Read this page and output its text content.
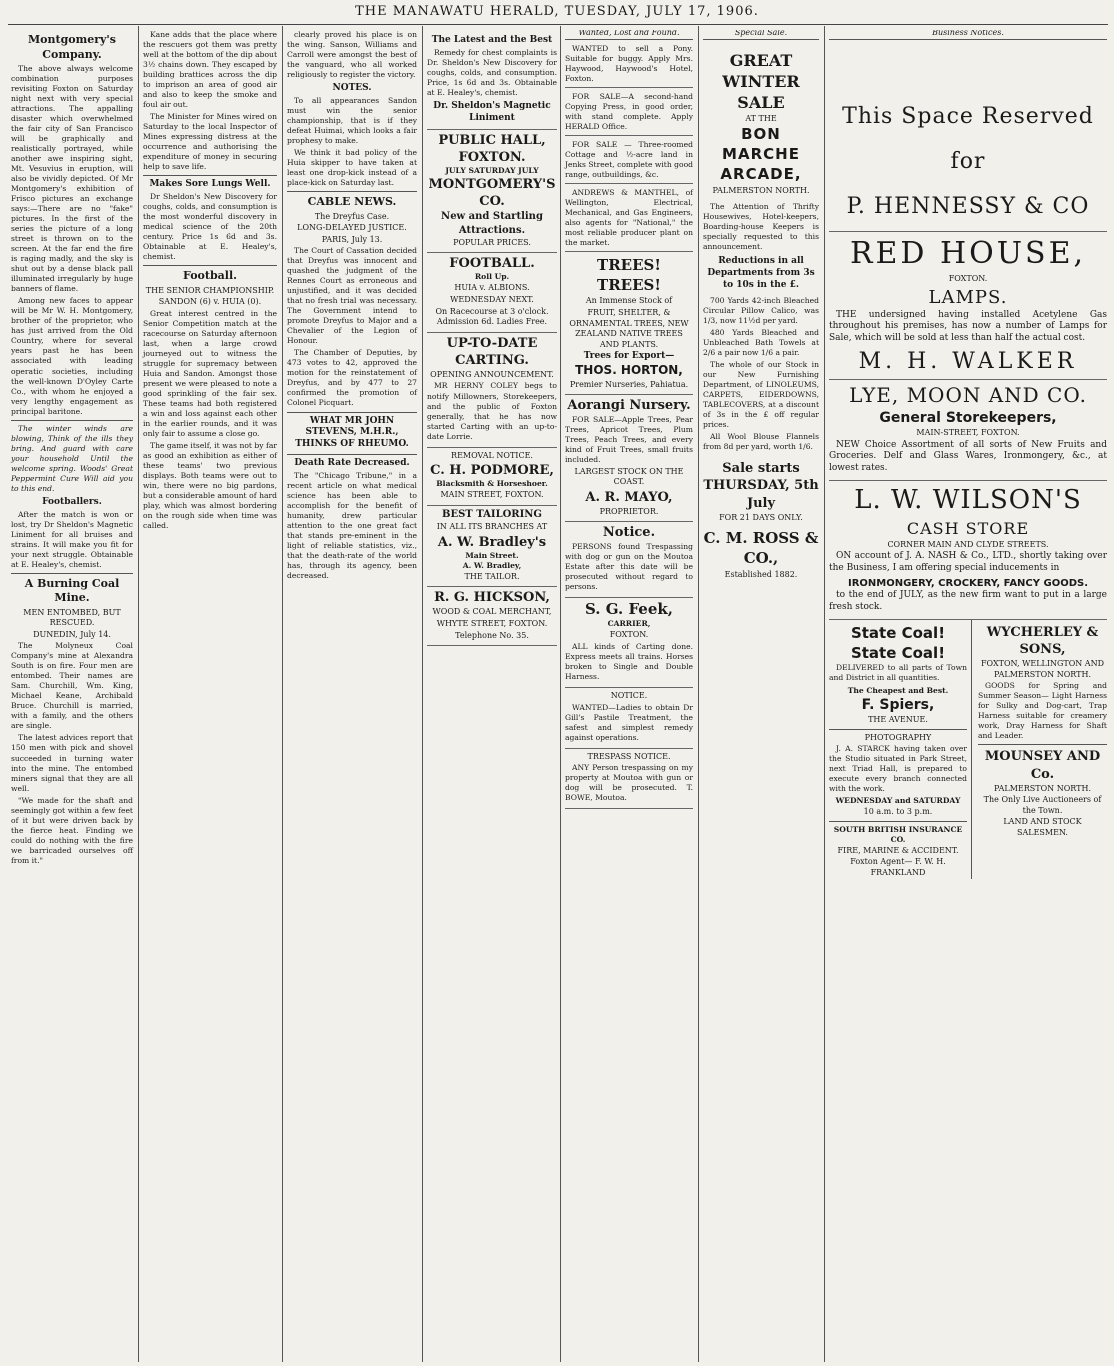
THE MANAWATU HERALD, TUESDAY, JULY 17, 1906.
Montgomery's Company.

The above always welcome combination purposes revisiting Foxton on Saturday night next with very special attractions. The appalling disaster which overwhelmed the fair city of San Francisco will be graphically and realistically portrayed, while another awe inspiring sight, Mt. Vesuvius in eruption, will also be vividly depicted. Of Mr Montgomery's exhibition of Frisco pictures an exchange says:—There are no "fake" pictures. In the first of the series the picture of a long street is thrown on to the screen. At the far end the fire is raging madly, and the sky is shut out by a dense black pall illuminated irregularly by huge banners of flame.

Among new faces to appear will be Mr W. H. Montgomery, brother of the proprietor, who has just arrived from the Old Country, where for several years past he has been associated with leading operatic societies, including the well-known D'Oyley Carte Co., with whom he enjoyed a very lengthy engagement as principal baritone.

The winter winds are blowing, Think of the ills they bring. And guard with care your household Until the welcome spring. Woods' Great Peppermint Cure Will aid you to this end.

Footballers.

After the match is won or lost, try Dr Sheldon's Magnetic Liniment for all bruises and strains. It will make you fit for your next struggle. Obtainable at E. Healey's, chemist.

A Burning Coal Mine.
MEN ENTOMBED, BUT RESCUED.
DUNEDIN, July 14.

The Molyneux Coal Company's mine at Alexandra South is on fire. Four men are entombed. Their names are Sam. Churchill, Wm. King, Michael Keane, Archibald Bruce. Churchill is married, with a family, and the others are single.

The latest advices report that 150 men with pick and shovel succeeded in turning water into the mine. The entombed miners signal that they are all well.

"We made for the shaft and seemingly got within a few feet of it but were driven back by the fierce heat. Finding we could do nothing with the fire we barricaded ourselves off from it."

Kane adds that the place where the rescuers got them was pretty well at the bottom of the dip about 3½ chains down. They escaped by building brattices across the dip to imprison an area of good air and also to keep the smoke and foul air out.

The Minister for Mines wired on Saturday to the local Inspector of Mines expressing distress at the occurrence and authorising the expenditure of money in securing help to save life.

Makes Sore Lungs Well.

Dr Sheldon's New Discovery for coughs, colds, and consumption is the most wonderful discovery in medical science of the 20th century. Price 1s 6d and 3s. Obtainable at E. Healey's, chemist.

Football.
THE SENIOR CHAMPIONSHIP.
SANDON (6) v. HUIA (0).

Great interest centred in the Senior Competition match at the racecourse on Saturday afternoon last, when a large crowd journeyed out to witness the struggle for supremacy between Huia and Sandon. Amongst those present we were pleased to note a good sprinkling of the fair sex. These teams had both registered a win and loss against each other in the earlier rounds, and it was only fair to assume a close go.

The game itself, it was not by far as good an exhibition as either of these teams' two previous displays. Both teams were out to win, there were no big pardons, but a considerable amount of hard play, which was almost bordering on the rough side when time was called.

clearly proved his place is on the wing. Sanson, Williams and Carroll were amongst the best of the vanguard, who all worked religiously to register the victory.

NOTES.

To all appearances Sandon must win the senior championship, that is if they defeat Huimai, which looks a fair prophesy to make.

We think it bad policy of the Huia skipper to have taken at least one drop-kick instead of a place-kick on Saturday last.

CABLE NEWS.
The Dreyfus Case.
LONG-DELAYED JUSTICE.
PARIS, July 13.

The Court of Cassation decided that Dreyfus was innocent and quashed the judgment of the Rennes Court as erroneous and unjustified, and it was decided that no fresh trial was necessary. The Government intend to promote Dreyfus to Major and a Chevalier of the Legion of Honour.

The Chamber of Deputies, by 473 votes to 42, approved the motion for the reinstatement of Dreyfus, and by 477 to 27 confirmed the promotion of Colonel Picquart.

WHAT MR JOHN STEVENS, M.H.R., THINKS OF RHEUMO.
Death Rate Decreased.

The "Chicago Tribune," in a recent article on what medical science has been able to accomplish for the benefit of humanity, drew particular attention to the one great fact that stands pre-eminent in the light of reliable statistics, viz., that the death-rate of the world has, through its agency, been decreased.

The Latest and the Best

Remedy for chest complaints is Dr. Sheldon's New Discovery for coughs, colds, and consumption. Price, 1s 6d and 3s. Obtainable at E. Healey's, chemist.

Dr. Sheldon's Magnetic Liniment
PUBLIC HALL, FOXTON.
JULY SATURDAY JULY
MONTGOMERY'S CO.
New and Startling Attractions.
POPULAR PRICES.
FOOTBALL.
Roll Up.
HUIA v. ALBIONS.
WEDNESDAY NEXT.
On Racecourse at 3 o'clock. Admission 6d. Ladies Free.
UP-TO-DATE CARTING.
OPENING ANNOUNCEMENT.

MR HERNY COLEY begs to notify Millowners, Storekeepers, and the public of Foxton generally, that he has now started Carting with an up-to-date Lorrie.

REMOVAL NOTICE.
C. H. PODMORE,
Blacksmith & Horseshoer.
MAIN STREET, FOXTON.
BEST TAILORING
IN ALL ITS BRANCHES AT
A. W. Bradley's
Main Street.
A. W. Bradley,
THE TAILOR.
R. G. HICKSON,
WOOD & COAL MERCHANT,
WHYTE STREET, FOXTON.
Telephone No. 35.
Wanted, Lost and Found.

WANTED to sell a Pony. Suitable for buggy. Apply Mrs. Haywood, Haywood's Hotel, Foxton.

FOR SALE—A second-hand Copying Press, in good order, with stand complete. Apply HERALD Office.

FOR SALE — Three-roomed Cottage and ½-acre land in Jenks Street, complete with good range, outbuildings, &c.

ANDREWS & MANTHEL, of Wellington, Electrical, Mechanical, and Gas Engineers, also agents for "National," the most reliable producer plant on the market.

TREES! TREES!
An Immense Stock of
FRUIT, SHELTER, & ORNAMENTAL TREES, NEW ZEALAND NATIVE TREES AND PLANTS.
Trees for Export—
THOS. HORTON,
Premier Nurseries, Pahiatua.
Aorangi Nursery.

FOR SALE—Apple Trees, Pear Trees, Apricot Trees, Plum Trees, Peach Trees, and every kind of Fruit Trees, small fruits included.

LARGEST STOCK ON THE COAST.
A. R. MAYO,
PROPRIETOR.
Notice.

PERSONS found Trespassing with dog or gun on the Moutoa Estate after this date will be prosecuted without regard to persons.

S. G. Feek,
CARRIER,
FOXTON.

ALL kinds of Carting done. Express meets all trains. Horses broken to Single and Double Harness.

NOTICE.

WANTED—Ladies to obtain Dr Gill's Pastile Treatment, the safest and simplest remedy against operations.

TRESPASS NOTICE.

ANY Person trespassing on my property at Moutoa with gun or dog will be prosecuted. T. BOWE, Moutoa.

Special Sale.
GREAT WINTER SALE
AT THE
BON MARCHE ARCADE,
PALMERSTON NORTH.

The Attention of Thrifty Housewives, Hotel-keepers, Boarding-house Keepers is specially requested to this announcement.

Reductions in all Departments from 3s to 10s in the £.

700 Yards 42-inch Bleached Circular Pillow Calico, was 1/3, now 11½d per yard.

480 Yards Bleached and Unbleached Bath Towels at 2/6 a pair now 1/6 a pair.

The whole of our Stock in our New Furnishing Department, of LINOLEUMS, CARPETS, EIDERDOWNS, TABLECOVERS, at a discount of 3s in the £ off regular prices.

All Wool Blouse Flannels from 8d per yard, worth 1/6.

Sale starts THURSDAY, 5th July
FOR 21 DAYS ONLY.
C. M. ROSS & CO.,
Established 1882.
Business Notices.
This Space Reserved
for
P. HENNESSY & CO
RED HOUSE,
FOXTON.
LAMPS.

THE undersigned having installed Acetylene Gas throughout his premises, has now a number of Lamps for Sale, which will be sold at less than half the actual cost.

M. H. WALKER
LYE, MOON AND CO.
General Storekeepers,
MAIN-STREET, FOXTON.

NEW Choice Assortment of all sorts of New Fruits and Groceries. Delf and Glass Wares, Ironmongery, &c., at lowest rates.

L. W. WILSON'S
CASH STORE
CORNER MAIN AND CLYDE STREETS.

ON account of J. A. NASH & Co., LTD., shortly taking over the Business, I am offering special inducements in

IRONMONGERY, CROCKERY, FANCY GOODS.

to the end of JULY, as the new firm want to put in a large fresh stock.

State Coal!
State Coal!

DELIVERED to all parts of Town and District in all quantities.

The Cheapest and Best.
F. Spiers,
THE AVENUE.
PHOTOGRAPHY

J. A. STARCK having taken over the Studio situated in Park Street, next Triad Hall, is prepared to execute every branch connected with the work.

WEDNESDAY and SATURDAY
10 a.m. to 3 p.m.
SOUTH BRITISH INSURANCE CO.
FIRE, MARINE & ACCIDENT.
Foxton Agent— F. W. H. FRANKLAND
WYCHERLEY & SONS,
FOXTON, WELLINGTON AND PALMERSTON NORTH.

GOODS for Spring and Summer Season— Light Harness for Sulky and Dog-cart, Trap Harness suitable for creamery work, Dray Harness for Shaft and Leader.

MOUNSEY AND Co.
PALMERSTON NORTH.
The Only Live Auctioneers of the Town.
LAND AND STOCK SALESMEN.
